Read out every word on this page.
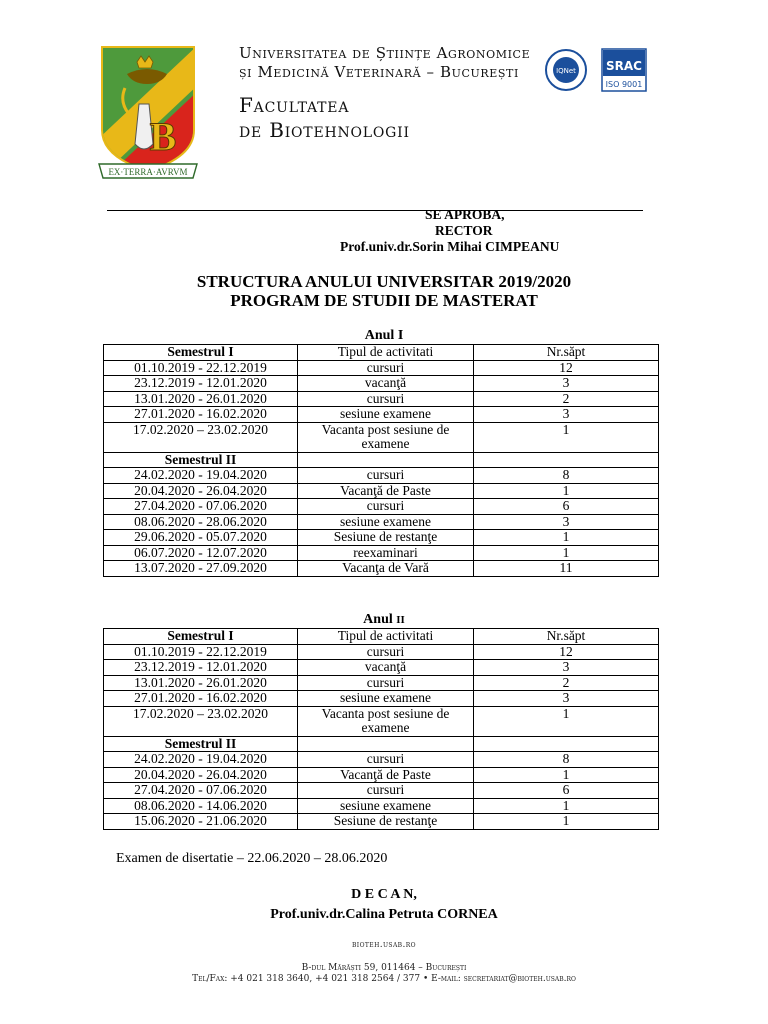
B
EX·TERRA·AVRVM
Universitatea de Științe Agronomice
și Medicină Veterinară – București
Facultatea
de Biotehnologii
IQNet	SRAC
ISO 9001
SE APROBA,
RECTOR
Prof.univ.dr.Sorin Mihai CIMPEANU
STRUCTURA ANULUI UNIVERSITAR 2019/2020
PROGRAM DE STUDII DE MASTERAT
Anul I
Semestrul I	Tipul de activitati	Nr.săpt
01.10.2019 - 22.12.2019	cursuri	12
23.12.2019 - 12.01.2020	vacanţă	3
13.01.2020 - 26.01.2020	cursuri	2
27.01.2020 - 16.02.2020	sesiune examene	3
17.02.2020 – 23.02.2020	Vacanta post sesiune de examene	1
Semestrul II		
24.02.2020 - 19.04.2020	cursuri	8
20.04.2020 - 26.04.2020	Vacanţă de Paste	1
27.04.2020 - 07.06.2020	cursuri	6
08.06.2020 - 28.06.2020	sesiune examene	3
29.06.2020 - 05.07.2020	Sesiune de restanţe	1
06.07.2020 - 12.07.2020	reexaminari	1
13.07.2020 - 27.09.2020	Vacanţa de Vară	11
Anul II
Semestrul I	Tipul de activitati	Nr.săpt
01.10.2019 - 22.12.2019	cursuri	12
23.12.2019 - 12.01.2020	vacanţă	3
13.01.2020 - 26.01.2020	cursuri	2
27.01.2020 - 16.02.2020	sesiune examene	3
17.02.2020 – 23.02.2020	Vacanta post sesiune de examene	1
Semestrul II		
24.02.2020 - 19.04.2020	cursuri	8
20.04.2020 - 26.04.2020	Vacanţă de Paste	1
27.04.2020 - 07.06.2020	cursuri	6
08.06.2020 - 14.06.2020	sesiune examene	1
15.06.2020 - 21.06.2020	Sesiune de restanţe	1
Examen de disertatie – 22.06.2020 – 28.06.2020
D E C A N,
Prof.univ.dr.Calina Petruta CORNEA
bioteh.usab.ro
B-dul Mărăști 59, 011464 – București
Tel/Fax: +4 021 318 3640, +4 021 318 2564 / 377 • E-mail: secretariat@bioteh.usab.ro
